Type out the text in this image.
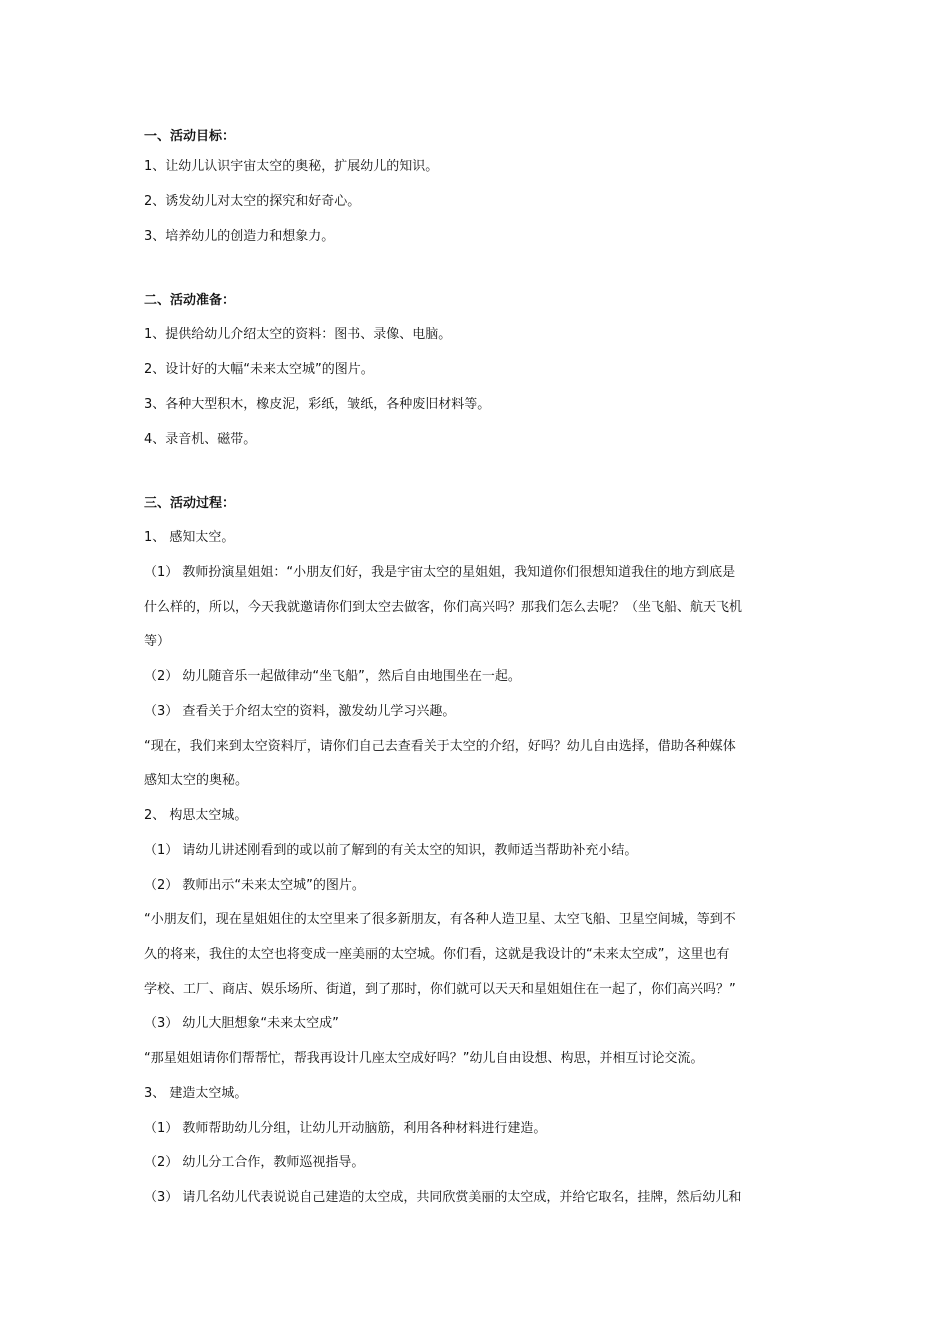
一、活动目标：
1、让幼儿认识宇宙太空的奥秘，扩展幼儿的知识。
2、诱发幼儿对太空的探究和好奇心。
3、培养幼儿的创造力和想象力。
二、活动准备：
1、提供给幼儿介绍太空的资料：图书、录像、电脑。
2、设计好的大幅“未来太空城”的图片。
3、各种大型积木，橡皮泥，彩纸，皱纸，各种废旧材料等。
4、录音机、磁带。
三、活动过程：
1、 感知太空。
（1） 教师扮演星姐姐：“小朋友们好，我是宇宙太空的星姐姐，我知道你们很想知道我住的地方到底是
什么样的，所以，今天我就邀请你们到太空去做客，你们高兴吗？那我们怎么去呢？（坐飞船、航天飞机
等）
（2） 幼儿随音乐一起做律动“坐飞船”，然后自由地围坐在一起。
（3） 查看关于介绍太空的资料，激发幼儿学习兴趣。
“现在，我们来到太空资料厅，请你们自己去查看关于太空的介绍，好吗？幼儿自由选择，借助各种媒体
感知太空的奥秘。
2、 构思太空城。
（1） 请幼儿讲述刚看到的或以前了解到的有关太空的知识，教师适当帮助补充小结。
（2） 教师出示“未来太空城”的图片。
“小朋友们，现在星姐姐住的太空里来了很多新朋友，有各种人造卫星、太空飞船、卫星空间城，等到不
久的将来，我住的太空也将变成一座美丽的太空城。你们看，这就是我设计的“未来太空成”，这里也有
学校、工厂、商店、娱乐场所、街道，到了那时，你们就可以天天和星姐姐住在一起了，你们高兴吗？”
（3） 幼儿大胆想象“未来太空成”
“那星姐姐请你们帮帮忙，帮我再设计几座太空成好吗？”幼儿自由设想、构思，并相互讨论交流。
3、 建造太空城。
（1） 教师帮助幼儿分组，让幼儿开动脑筋，利用各种材料进行建造。
（2） 幼儿分工合作，教师巡视指导。
（3） 请几名幼儿代表说说自己建造的太空成，共同欣赏美丽的太空成，并给它取名，挂牌，然后幼儿和
